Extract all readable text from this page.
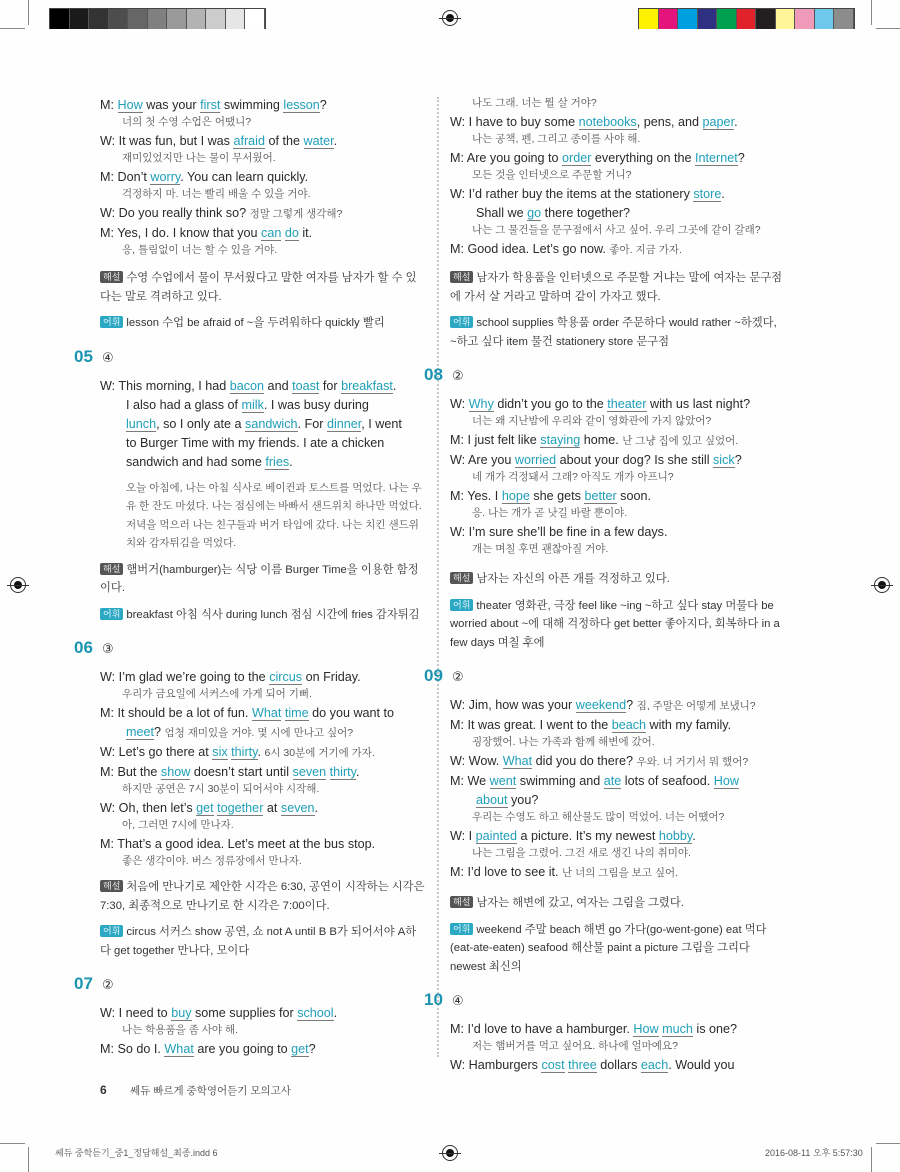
M: How was your first swimming lesson?
너의 첫 수영 수업은 어땠니?
W: It was fun, but I was afraid of the water.
재미있었지만 나는 물이 무서웠어.
M: Don’t worry. You can learn quickly.
걱정하지 마. 너는 빨리 배울 수 있을 거야.
W: Do you really think so? 정말 그렇게 생각해?
M: Yes, I do. I know that you can do it.
응, 틀림없이 너는 할 수 있을 거야.
해설 수영 수업에서 물이 무서웠다고 말한 여자를 남자가 할 수 있다는 말로 격려하고 있다.
어휘 lesson 수업 be afraid of ~을 두려워하다 quickly 빨리
05 ④
W: This morning, I had bacon and toast for breakfast.
I also had a glass of milk. I was busy during
lunch, so I only ate a sandwich. For dinner, I went
to Burger Time with my friends. I ate a chicken
sandwich and had some fries.
오늘 아침에, 나는 아침 식사로 베이컨과 토스트를 먹었다. 나는 우
유 한 잔도 마셨다. 나는 점심에는 바빠서 샌드위치 하나만 먹었다.
저녁을 먹으러 나는 친구들과 버거 타임에 갔다. 나는 치킨 샌드위
치와 감자튀김을 먹었다.
해설 햄버거(hamburger)는 식당 이름 Burger Time을 이용한 함정이다.
어휘 breakfast 아침 식사 during lunch 점심 시간에 fries 감자튀김
06 ③
W: I’m glad we’re going to the circus on Friday.
우리가 금요일에 서커스에 가게 되어 기뻐.
M: It should be a lot of fun. What time do you want to
meet? 엄청 재미있을 거야. 몇 시에 만나고 싶어?
W: Let’s go there at six thirty. 6시 30분에 거기에 가자.
M: But the show doesn’t start until seven thirty.
하지만 공연은 7시 30분이 되어서야 시작해.
W: Oh, then let’s get together at seven.
아, 그러면 7시에 만나자.
M: That’s a good idea. Let’s meet at the bus stop.
좋은 생각이야. 버스 정류장에서 만나자.
해설 처음에 만나기로 제안한 시각은 6:30, 공연이 시작하는 시각은 7:30, 최종적으로 만나기로 한 시각은 7:00이다.
어휘 circus 서커스 show 공연, 쇼 not A until B B가 되어서야 A하다 get together 만나다, 모이다
07 ②
W: I need to buy some supplies for school.
나는 학용품을 좀 사야 해.
M: So do I. What are you going to get?
나도 그래. 너는 뭘 살 거야?
W: I have to buy some notebooks, pens, and paper.
나는 공책, 펜, 그리고 종이를 사야 해.
M: Are you going to order everything on the Internet?
모든 것을 인터넷으로 주문할 거니?
W: I’d rather buy the items at the stationery store.
Shall we go there together?
나는 그 물건들을 문구점에서 사고 싶어. 우리 그곳에 같이 갈래?
M: Good idea. Let’s go now. 좋아. 지금 가자.
해설 남자가 학용품을 인터넷으로 주문할 거냐는 말에 여자는 문구점에 가서 살 거라고 말하며 같이 가자고 했다.
어휘 school supplies 학용품 order 주문하다 would rather ~하겠다, ~하고 싶다 item 물건 stationery store 문구점
08 ②
W: Why didn’t you go to the theater with us last night?
너는 왜 지난밤에 우리와 같이 영화관에 가지 않았어?
M: I just felt like staying home. 난 그냥 집에 있고 싶었어.
W: Are you worried about your dog? Is she still sick?
네 개가 걱정돼서 그래? 아직도 개가 아프니?
M: Yes. I hope she gets better soon.
응. 나는 개가 곧 낫길 바랄 뿐이야.
W: I’m sure she’ll be fine in a few days.
개는 며칠 후면 괜찮아질 거야.
해설 남자는 자신의 아픈 개를 걱정하고 있다.
어휘 theater 영화관, 극장 feel like ~ing ~하고 싶다 stay 머물다 be worried about ~에 대해 걱정하다 get better 좋아지다, 회복하다 in a few days 며칠 후에
09 ②
W: Jim, how was your weekend? 짐, 주말은 어떻게 보냈니?
M: It was great. I went to the beach with my family.
굉장했어. 나는 가족과 함께 해변에 갔어.
W: Wow. What did you do there? 우와. 너 거기서 뭐 했어?
M: We went swimming and ate lots of seafood. How
about you?
우리는 수영도 하고 해산물도 많이 먹었어. 너는 어땠어?
W: I painted a picture. It’s my newest hobby.
나는 그림을 그렸어. 그건 새로 생긴 나의 취미야.
M: I’d love to see it. 난 너의 그림을 보고 싶어.
해설 남자는 해변에 갔고, 여자는 그림을 그렸다.
어휘 weekend 주말 beach 해변 go 가다(go-went-gone) eat 먹다(eat-ate-eaten) seafood 해산물 paint a picture 그림을 그리다 newest 최신의
10 ④
M: I’d love to have a hamburger. How much is one?
저는 햄버거를 먹고 싶어요. 하나에 얼마예요?
W: Hamburgers cost three dollars each. Would you
6 쎄듀 빠르게 중학영어듣기 모의고사
쎄듀 중학듣기_중1_정답해설_최종.indd 6	2016-08-11 오후 5:57:30
